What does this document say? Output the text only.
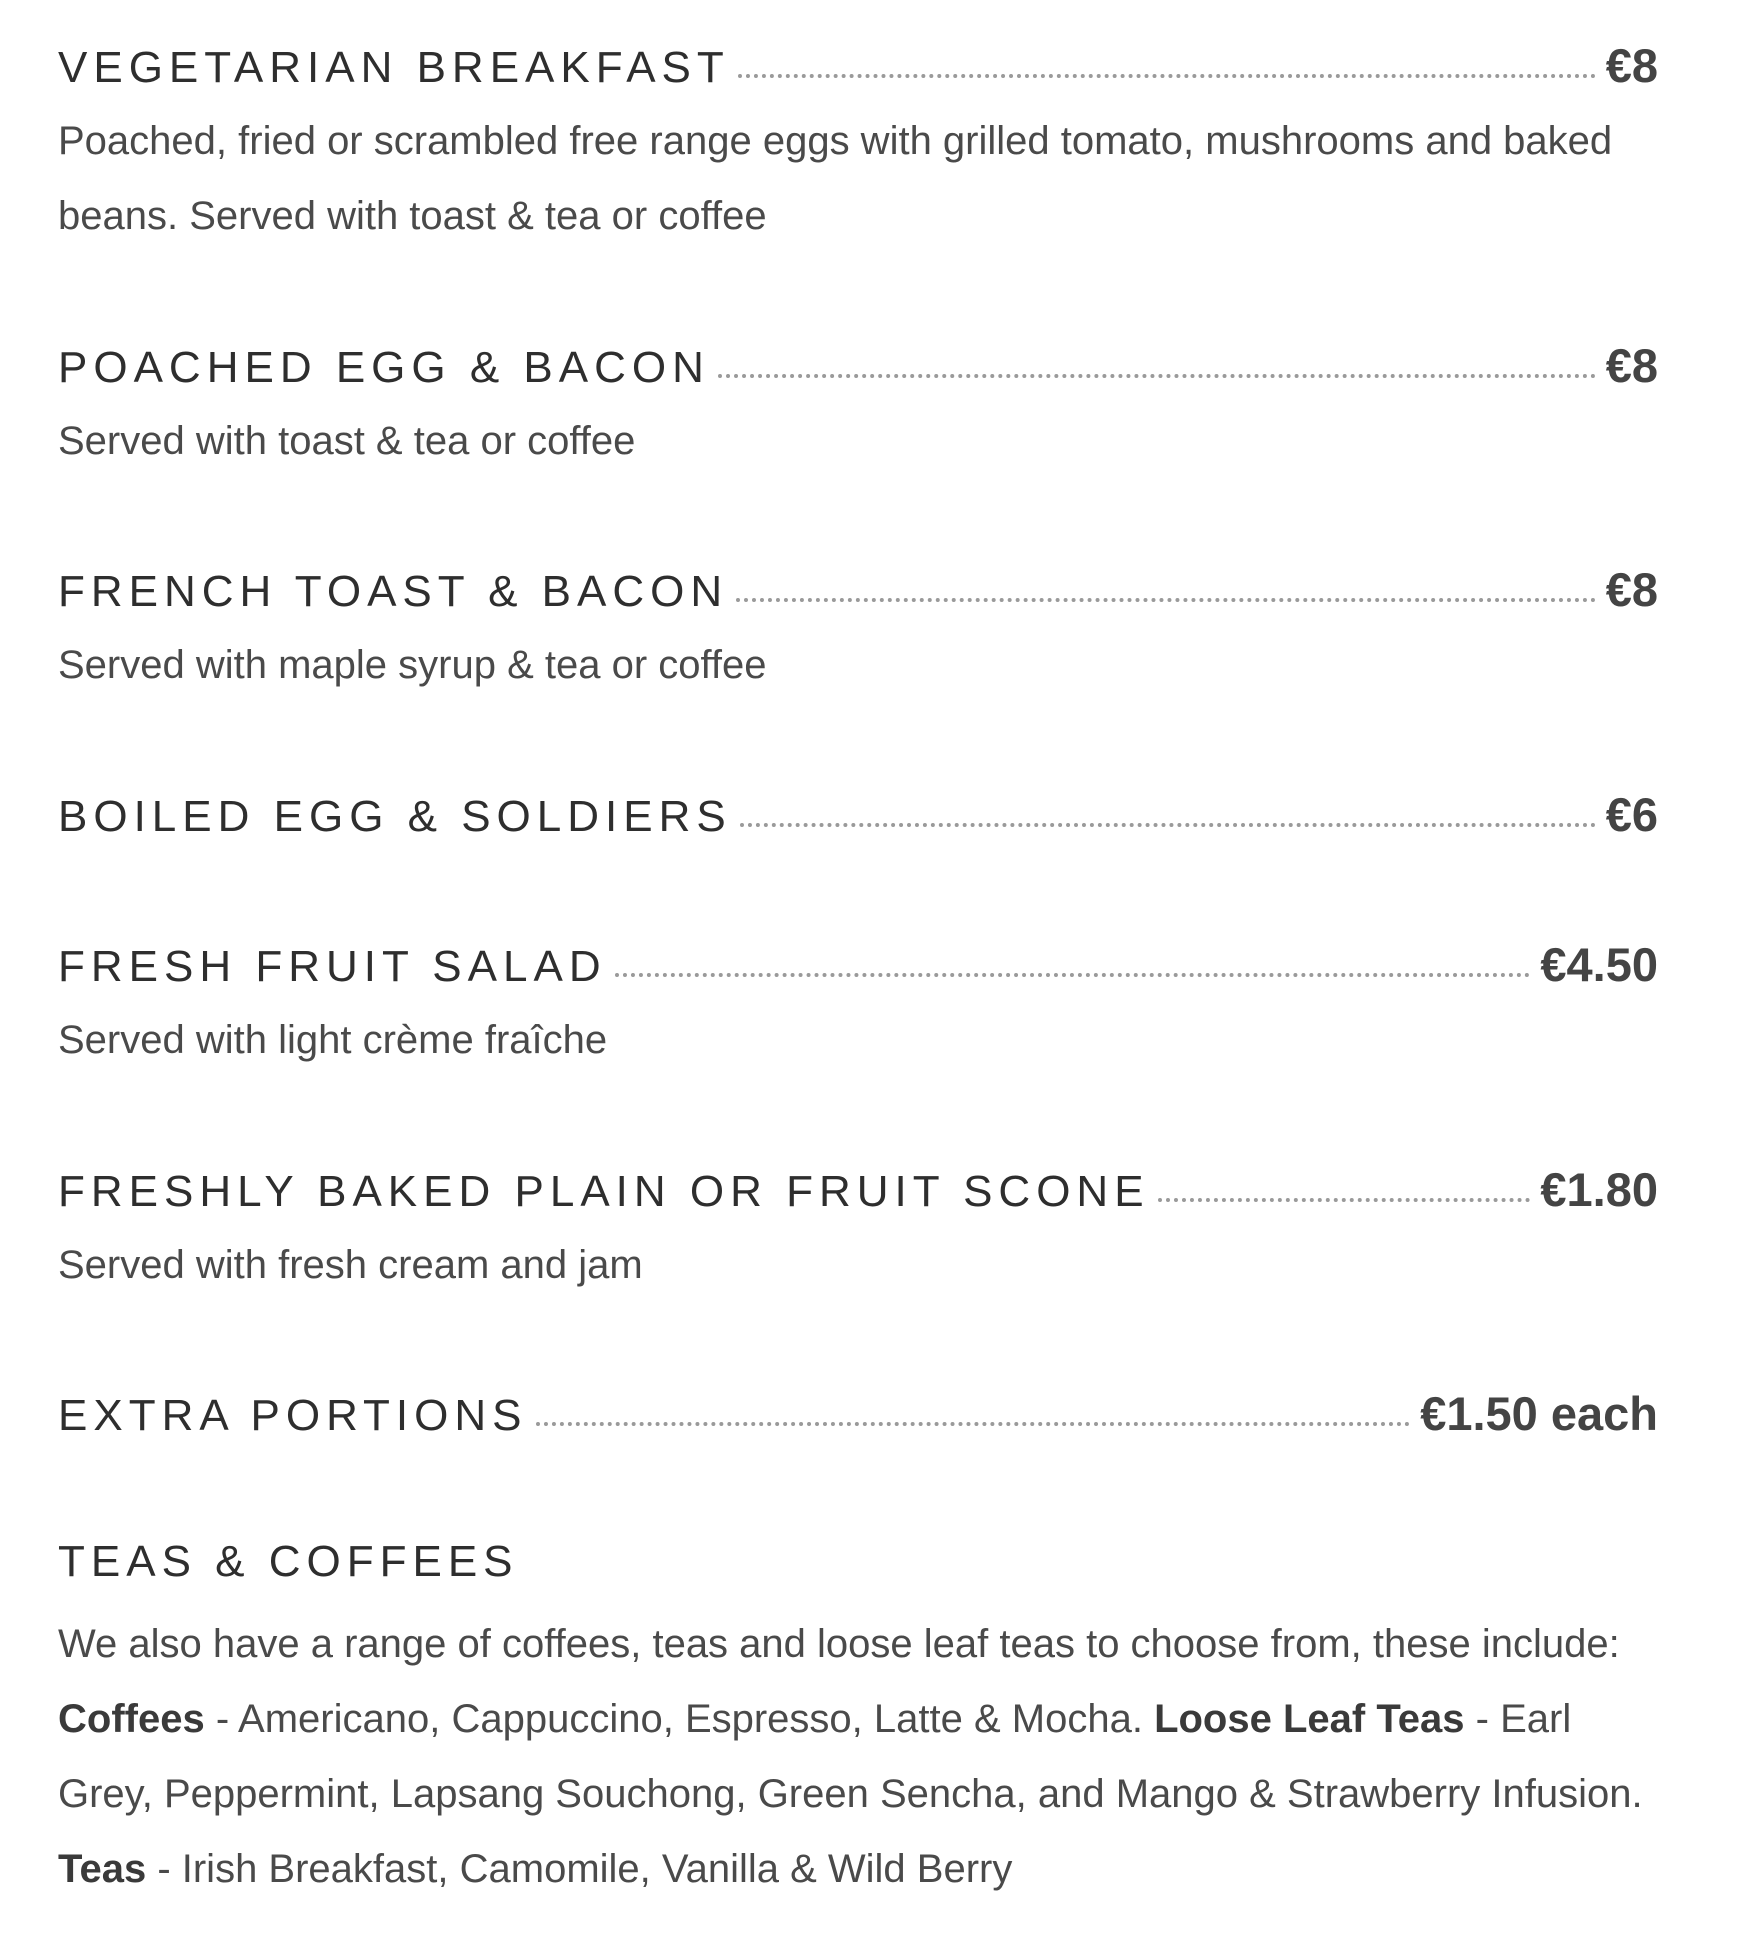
VEGETARIAN BREAKFAST	€8
Poached, fried or scrambled free range eggs with grilled tomato, mushrooms and baked beans. Served with toast & tea or coffee
POACHED EGG & BACON	€8
Served with toast & tea or coffee
FRENCH TOAST & BACON	€8
Served with maple syrup & tea or coffee
BOILED EGG & SOLDIERS	€6
FRESH FRUIT SALAD	€4.50
Served with light crème fraîche
FRESHLY BAKED PLAIN OR FRUIT SCONE	€1.80
Served with fresh cream and jam
EXTRA PORTIONS	€1.50 each
TEAS & COFFEES
We also have a range of coffees, teas and loose leaf teas to choose from, these include: Coffees - Americano, Cappuccino, Espresso, Latte & Mocha. Loose Leaf Teas - Earl Grey, Peppermint, Lapsang Souchong, Green Sencha, and Mango & Strawberry Infusion. Teas - Irish Breakfast, Camomile, Vanilla & Wild Berry
